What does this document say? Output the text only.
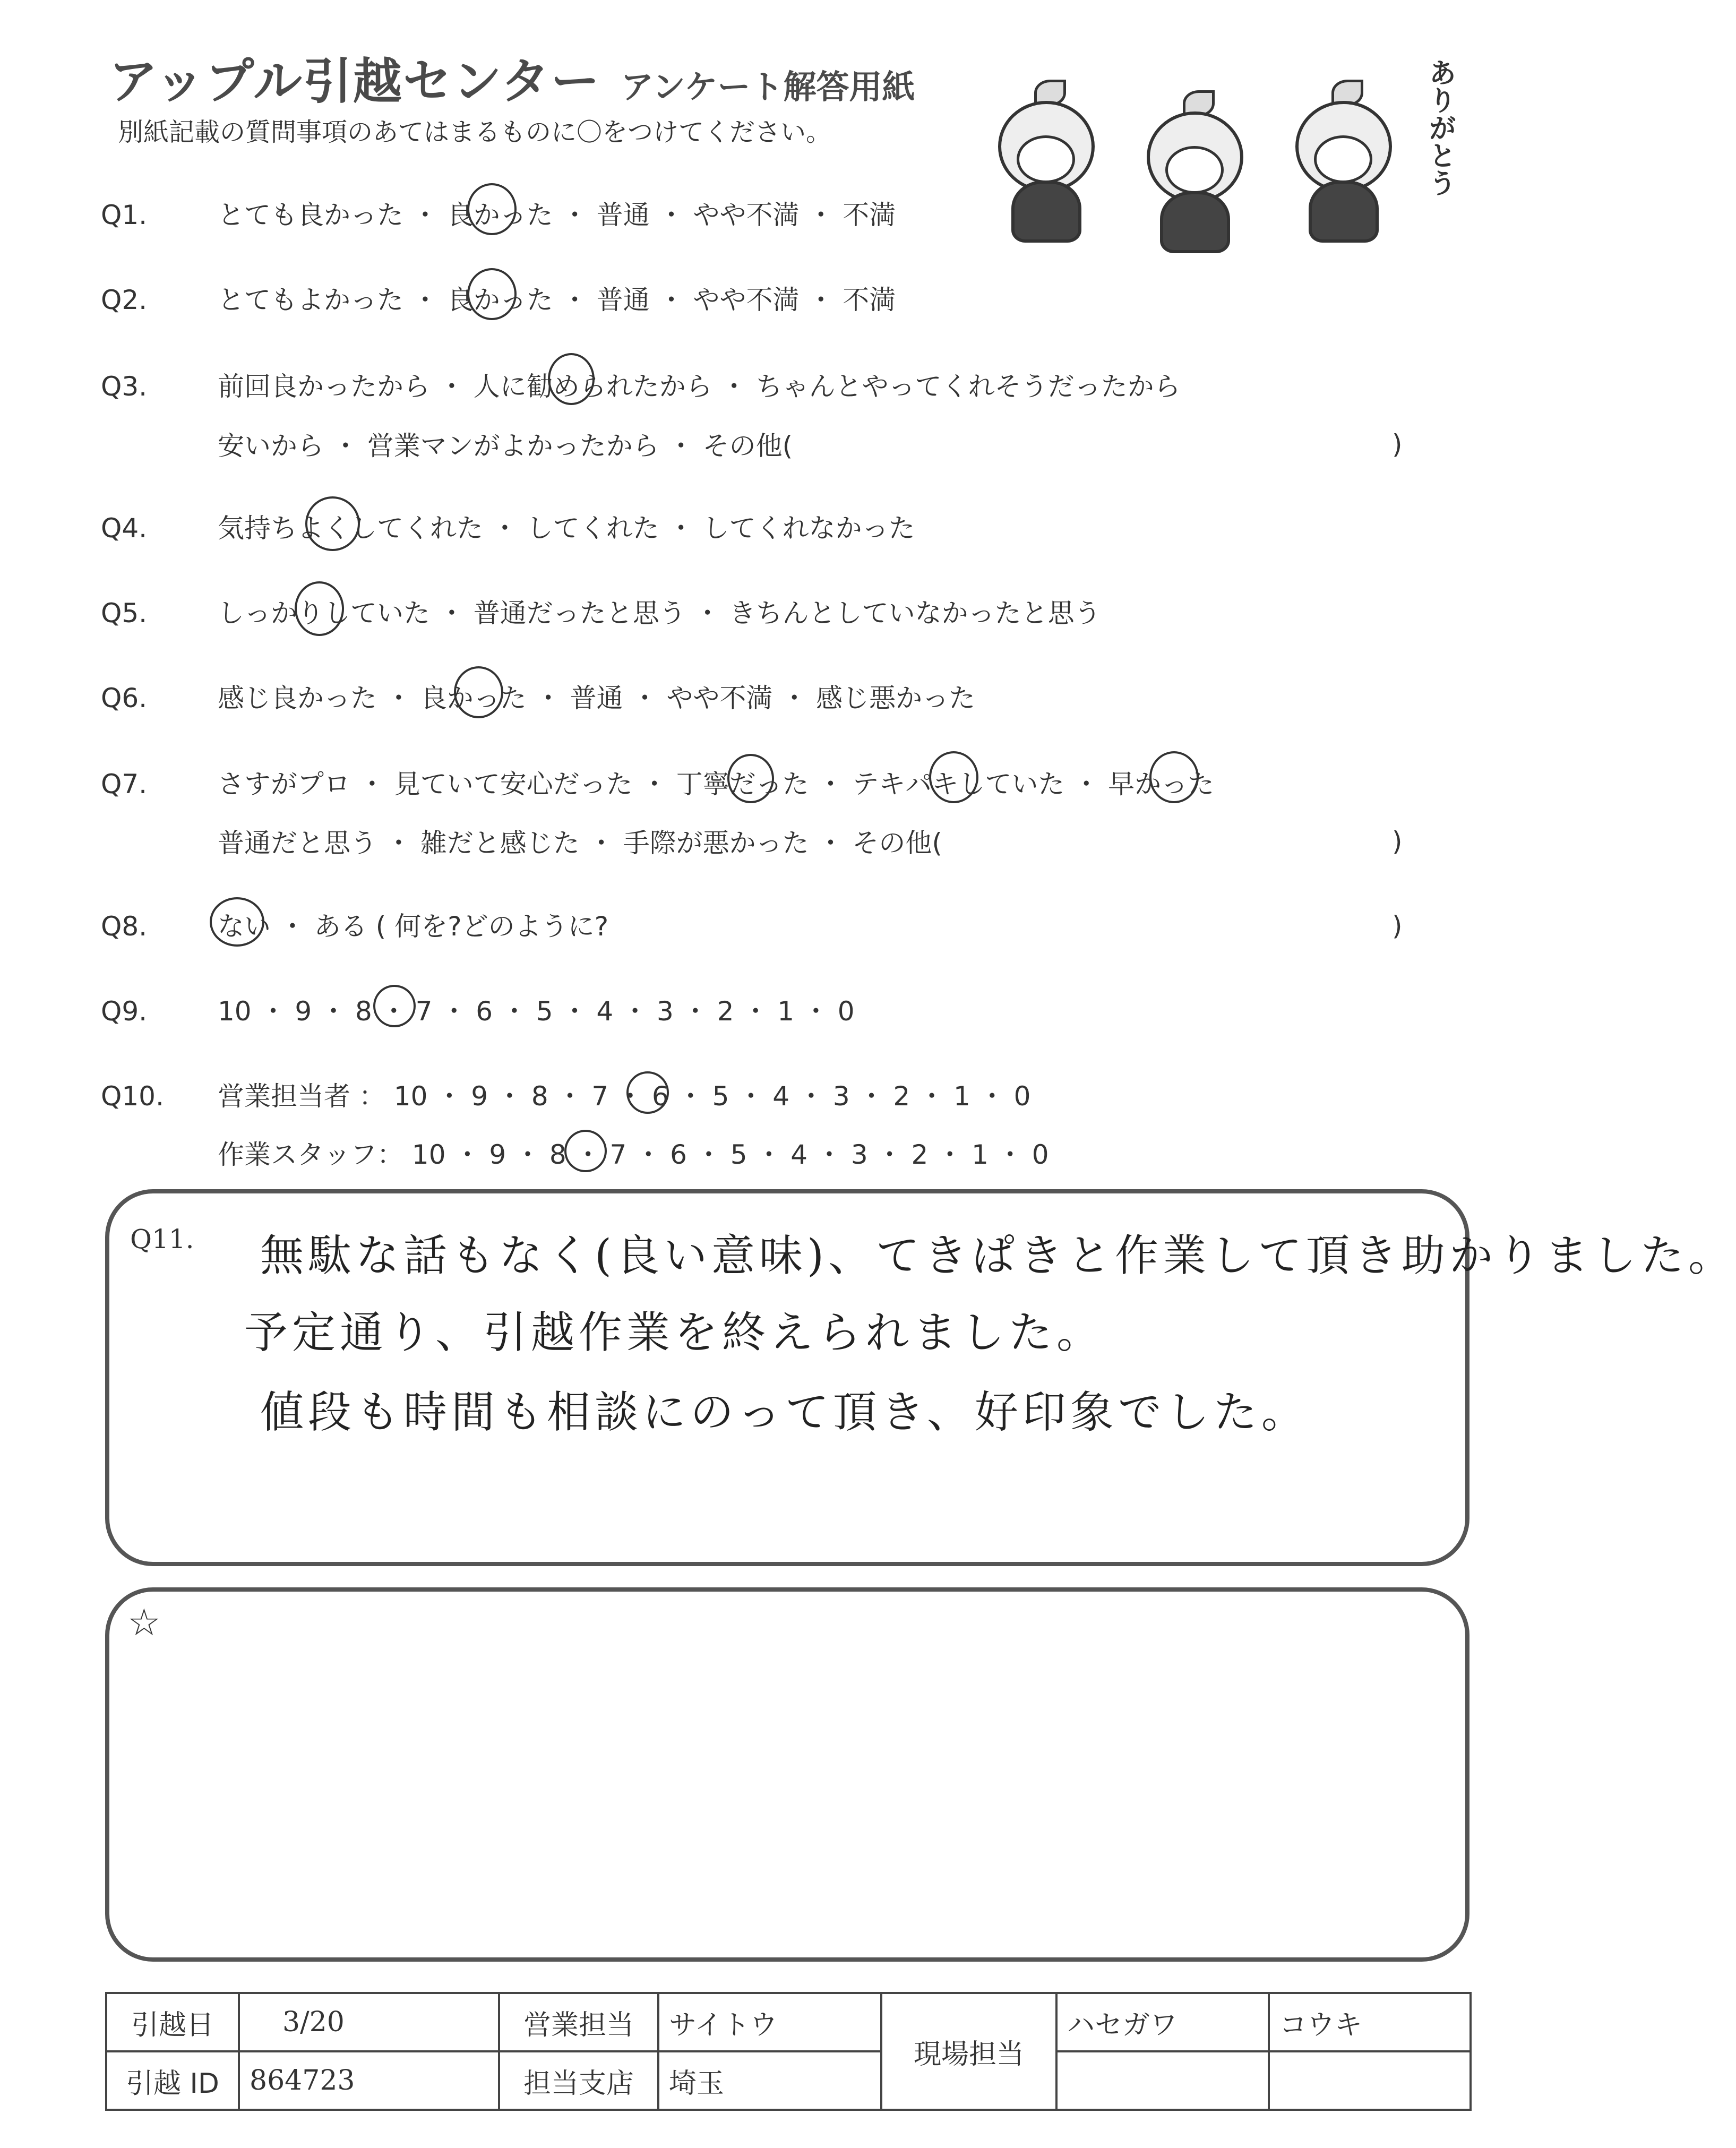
アップル引越センター アンケート解答用紙
別紙記載の質問事項のあてはまるものに〇をつけてください。	ありがとう
Q1.	とても良かった ・ 良かった ・ 普通 ・ やや不満 ・ 不満
Q2.	とてもよかった ・ 良かった ・ 普通 ・ やや不満 ・ 不満
Q3.	前回良かったから ・ 人に勧められたから ・ ちゃんとやってくれそうだったから
安いから ・ 営業マンがよかったから ・ その他(	)
Q4.	気持ちよくしてくれた ・ してくれた ・ してくれなかった
Q5.	しっかりしていた ・ 普通だったと思う ・ きちんとしていなかったと思う
Q6.	感じ良かった ・ 良かった ・ 普通 ・ やや不満 ・ 感じ悪かった
Q7.	さすがプロ ・ 見ていて安心だった ・ 丁寧だった ・ テキパキしていた ・ 早かった
普通だと思う ・ 雑だと感じた ・ 手際が悪かった ・ その他(	)
Q8.	ない ・ ある ( 何を?どのように?	)
Q9.	10 ・ 9 ・ 8 ・ 7 ・ 6 ・ 5 ・ 4 ・ 3 ・ 2 ・ 1 ・ 0
Q10. 営業担当者 ： 10 ・ 9 ・ 8 ・ 7 ・ 6 ・ 5 ・ 4 ・ 3 ・ 2 ・ 1 ・ 0
作業スタッフ： 10 ・ 9 ・ 8 ・ 7 ・ 6 ・ 5 ・ 4 ・ 3 ・ 2 ・ 1 ・ 0
Q11. 無駄な話もなく(良い意味)、てきぱきと作業して頂き助かりました。
予定通り、引越作業を終えられました。
値段も時間も相談にのって頂き、好印象でした。
☆
引越日	3/20	営業担当	サイトウ	現場担当	ハセガワ	コウキ
引越 ID	864723	担当支店	埼玉			
